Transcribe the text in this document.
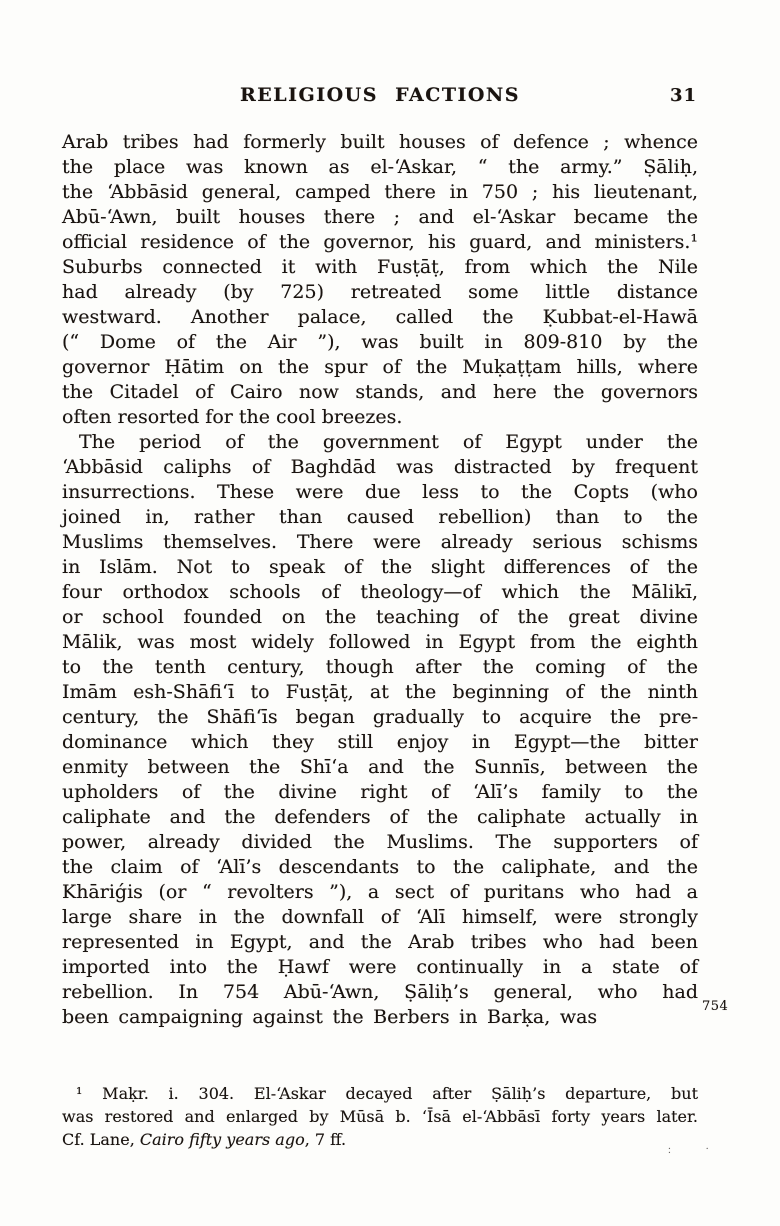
RELIGIOUS FACTIONS	31
Arab tribes had formerly built houses of defence ; whence
the place was known as el-‘Askar, “ the army.” Ṣāliḥ,
the ‘Abbāsid general, camped there in 750 ; his lieutenant,
Abū-‘Awn, built houses there ; and el-‘Askar became the
official residence of the governor, his guard, and ministers.¹
Suburbs connected it with Fusṭāṭ, from which the Nile
had already (by 725) retreated some little distance
westward. Another palace, called the Ḳubbat-el-Hawā
(“ Dome of the Air ”), was built in 809-810 by the
governor Ḥātim on the spur of the Muḳaṭṭam hills, where
the Citadel of Cairo now stands, and here the governors
often resorted for the cool breezes.
The period of the government of Egypt under the
‘Abbāsid caliphs of Baghdād was distracted by frequent
insurrections. These were due less to the Copts (who
joined in, rather than caused rebellion) than to the
Muslims themselves. There were already serious schisms
in Islām. Not to speak of the slight differences of the
four orthodox schools of theology—of which the Mālikī,
or school founded on the teaching of the great divine
Mālik, was most widely followed in Egypt from the eighth
to the tenth century, though after the coming of the
Imām esh-Shāfi‘ī to Fusṭāṭ, at the beginning of the ninth
century, the Shāfi‘īs began gradually to acquire the pre-
dominance which they still enjoy in Egypt—the bitter
enmity between the Shī‘a and the Sunnīs, between the
upholders of the divine right of ‘Alī’s family to the
caliphate and the defenders of the caliphate actually in
power, already divided the Muslims. The supporters of
the claim of ‘Alī’s descendants to the caliphate, and the
Khāriǵis (or “ revolters ”), a sect of puritans who had a
large share in the downfall of ‘Alī himself, were strongly
represented in Egypt, and the Arab tribes who had been
imported into the Ḥawf were continually in a state of
rebellion. In 754 Abū-‘Awn, Ṣāliḥ’s general, who had
been campaigning against the Berbers in Barḳa, was	754
¹ Maḳr. i. 304. El-‘Askar decayed after Ṣāliḥ’s departure, but
was restored and enlarged by Mūsā b. ‘Īsā el-‘Abbāsī forty years later.
Cf. Lane, Cairo fifty years ago, 7 ff.	. . .
